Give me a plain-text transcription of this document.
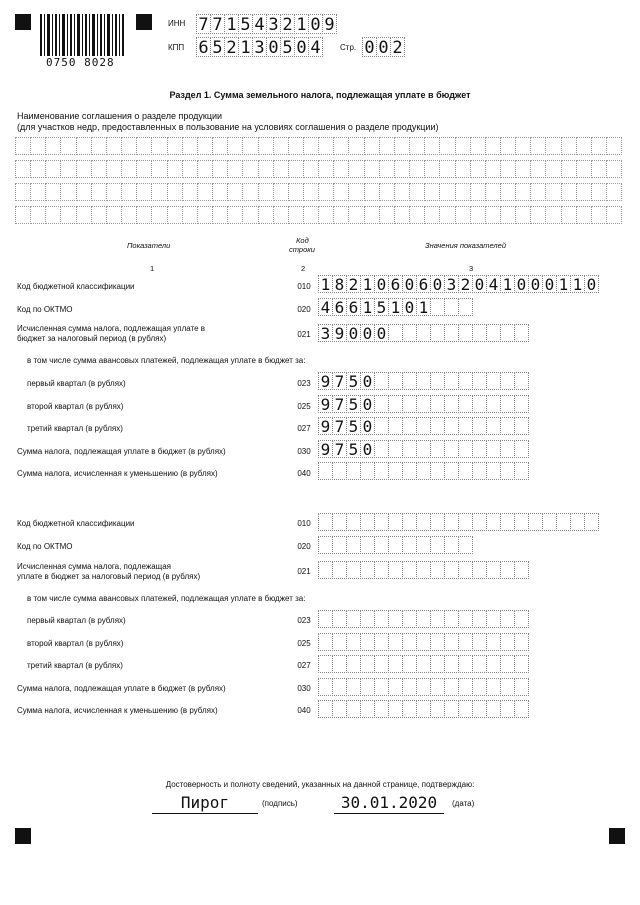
0750 8028
ИНН 7 7 1 5 4 3 2 1 0 9
КПП 6 5 2 1 3 0 5 0 4 Стр. 0 0 2
Раздел 1. Сумма земельного налога, подлежащая уплате в бюджет
Наименование соглашения о разделе продукции
(для участков недр, предоставленных в пользование на условиях соглашения о разделе продукции)
Показатели
Код
строки	Значения показателей
1	2	3
Код бюджетной классификации	010 1 8 2 1 0 6 0 6 0 3 2 0 4 1 0 0 0 1 1 0
Код по ОКТМО	020 4 6 6 1 5 1 0 1
Исчисленная сумма налога, подлежащая уплате в
бюджет за налоговый период (в рублях)	021 3 9 0 0 0
в том числе сумма авансовых платежей, подлежащая уплате в бюджет за:
первый квартал (в рублях)	023 9 7 5 0
второй квартал (в рублях)	025 9 7 5 0
третий квартал (в рублях)	027 9 7 5 0
Сумма налога, подлежащая уплате в бюджет (в рублях)	030 9 7 5 0
Сумма налога, исчисленная к уменьшению (в рублях)	040
Код бюджетной классификации	010
Код по ОКТМО	020
Исчисленная сумма налога, подлежащая
уплате в бюджет за налоговый период (в рублях)
021
в том числе сумма авансовых платежей, подлежащая уплате в бюджет за:
первый квартал (в рублях)	023
второй квартал (в рублях)	025
третий квартал (в рублях)	027
Сумма налога, подлежащая уплате в бюджет (в рублях)	030
Сумма налога, исчисленная к уменьшению (в рублях)	040
Достоверность и полноту сведений, указанных на данной странице, подтверждаю:
Пирог	(подпись)	30.01.2020	(дата)
